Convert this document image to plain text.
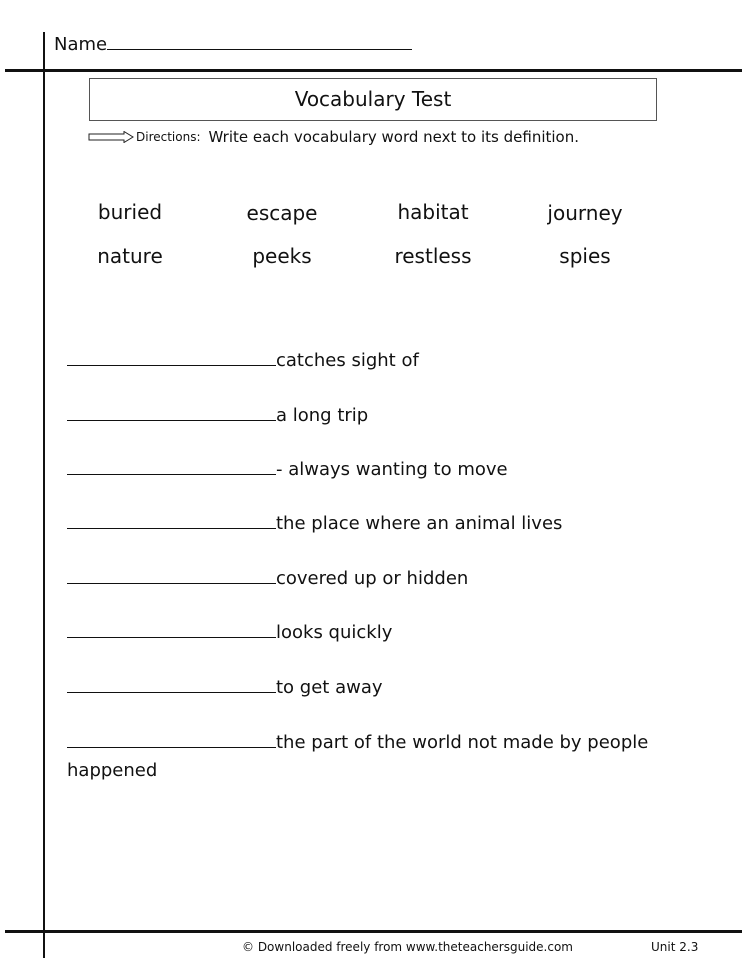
Name
Vocabulary Test
Directions: Write each vocabulary word next to its definition.
buried	escape	habitat	journey
nature	peeks	restless	spies
catches sight of
a long trip
- always wanting to move
the place where an animal lives
covered up or hidden
looks quickly
to get away
the part of the world not made by people
happened
© Downloaded freely from www.theteachersguide.com	Unit 2.3
